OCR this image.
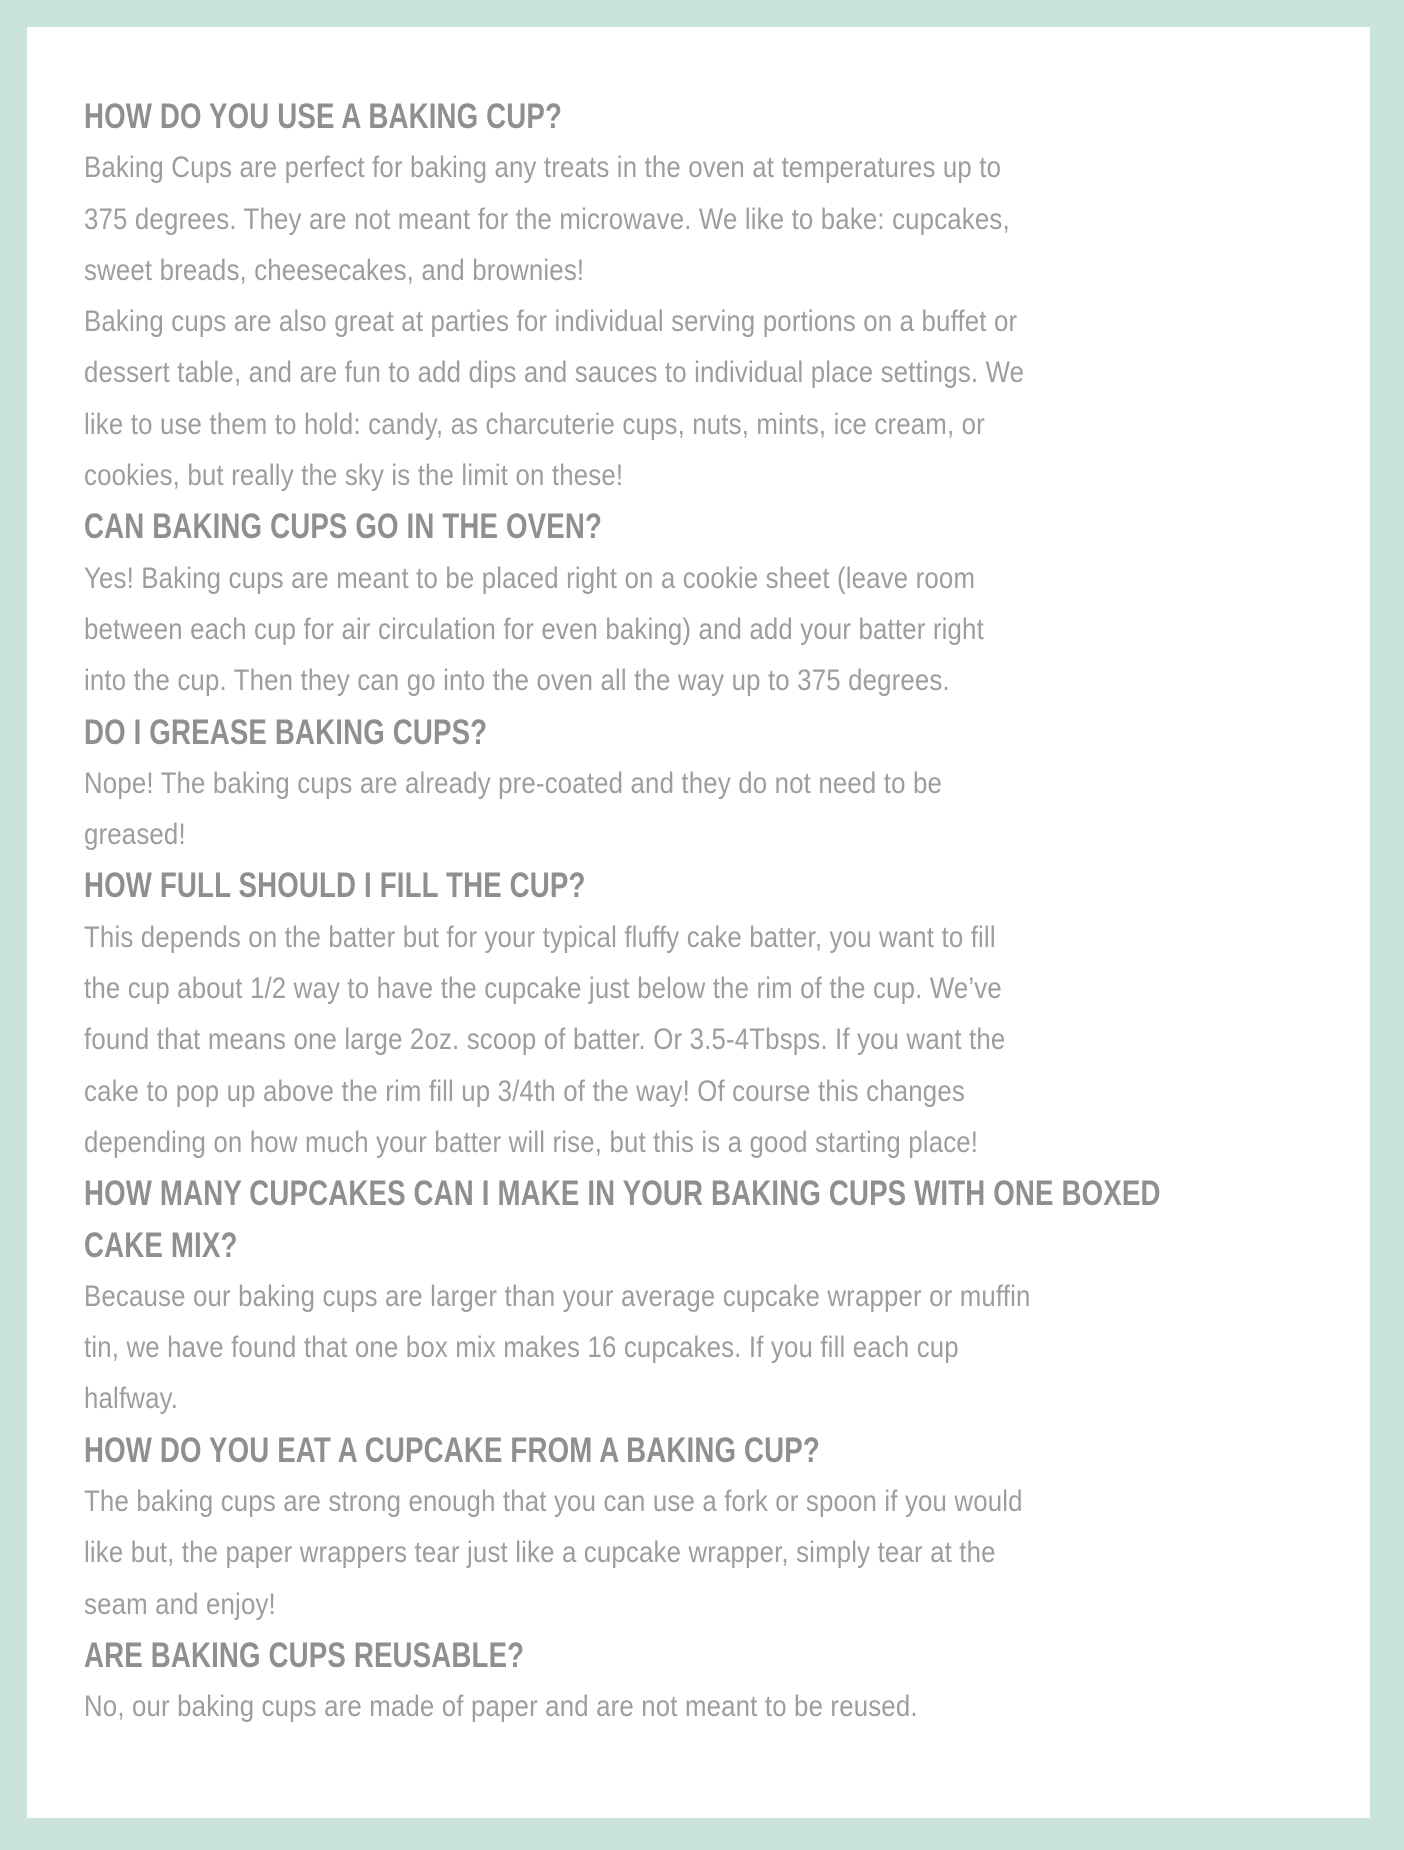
HOW DO YOU USE A BAKING CUP?
Baking Cups are perfect for baking any treats in the oven at temperatures up to
375 degrees. They are not meant for the microwave. We like to bake: cupcakes,
sweet breads, cheesecakes, and brownies!
Baking cups are also great at parties for individual serving portions on a buffet or
dessert table, and are fun to add dips and sauces to individual place settings. We
like to use them to hold: candy, as charcuterie cups, nuts, mints, ice cream, or
cookies, but really the sky is the limit on these!
CAN BAKING CUPS GO IN THE OVEN?
Yes! Baking cups are meant to be placed right on a cookie sheet (leave room
between each cup for air circulation for even baking) and add your batter right
into the cup. Then they can go into the oven all the way up to 375 degrees.
DO I GREASE BAKING CUPS?
Nope! The baking cups are already pre-coated and they do not need to be
greased!
HOW FULL SHOULD I FILL THE CUP?
This depends on the batter but for your typical fluffy cake batter, you want to fill
the cup about 1/2 way to have the cupcake just below the rim of the cup. We’ve
found that means one large 2oz. scoop of batter. Or 3.5-4Tbsps. If you want the
cake to pop up above the rim fill up 3/4th of the way! Of course this changes
depending on how much your batter will rise, but this is a good starting place!
HOW MANY CUPCAKES CAN I MAKE IN YOUR BAKING CUPS WITH ONE BOXED
CAKE MIX?
Because our baking cups are larger than your average cupcake wrapper or muffin
tin, we have found that one box mix makes 16 cupcakes. If you fill each cup
halfway.
HOW DO YOU EAT A CUPCAKE FROM A BAKING CUP?
The baking cups are strong enough that you can use a fork or spoon if you would
like but, the paper wrappers tear just like a cupcake wrapper, simply tear at the
seam and enjoy!
ARE BAKING CUPS REUSABLE?
No, our baking cups are made of paper and are not meant to be reused.
